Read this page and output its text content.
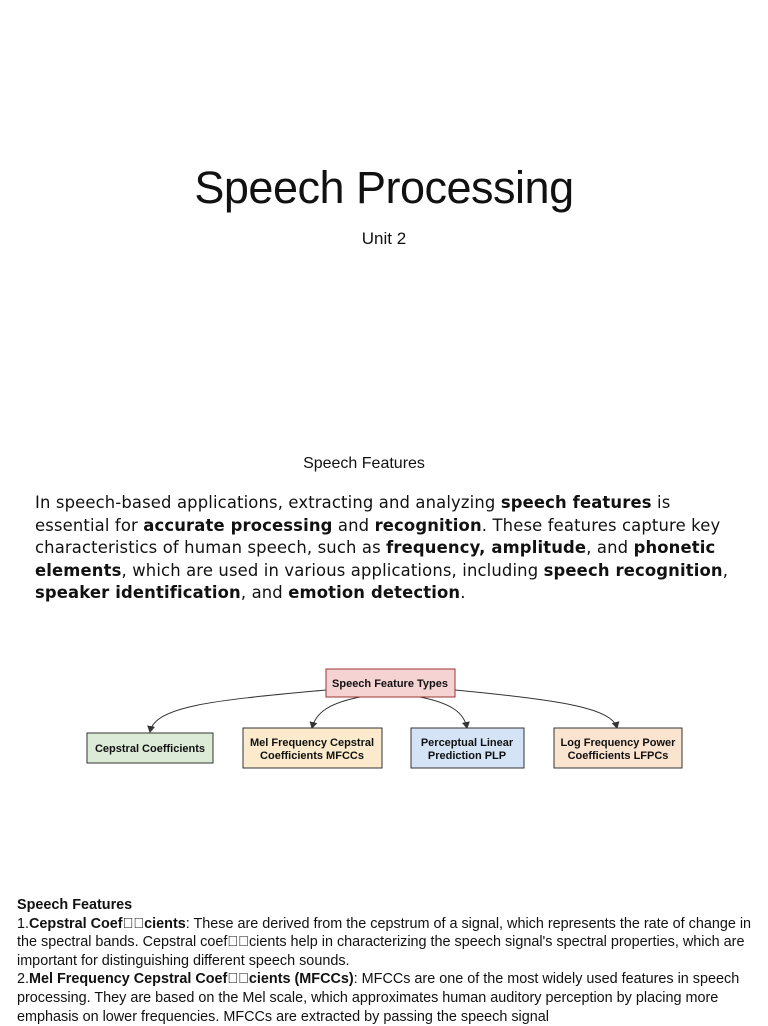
Speech Processing
Unit 2
Speech Features

In speech-based applications, extracting and analyzing speech features is essential for accurate processing and recognition. These features capture key characteristics of human speech, such as frequency, amplitude, and phonetic elements, which are used in various applications, including speech recognition, speaker identification, and emotion detection.

Speech Feature Types
Cepstral Coefficients	Mel Frequency Cepstral
Coefficients MFCCs
Perceptual Linear
Prediction PLP
Log Frequency Power
Coefficients LFPCs

Speech Features
1.Cepstral Coef  cients: These are derived from the cepstrum of a signal, which represents the rate of change in the spectral bands. Cepstral coef  cients help in characterizing the speech signal's spectral properties, which are important for distinguishing different speech sounds.
2.Mel Frequency Cepstral Coef  cients (MFCCs): MFCCs are one of the most widely used features in speech processing. They are based on the Mel scale, which approximates human auditory perception by placing more emphasis on lower frequencies. MFCCs are extracted by passing the speech signal
